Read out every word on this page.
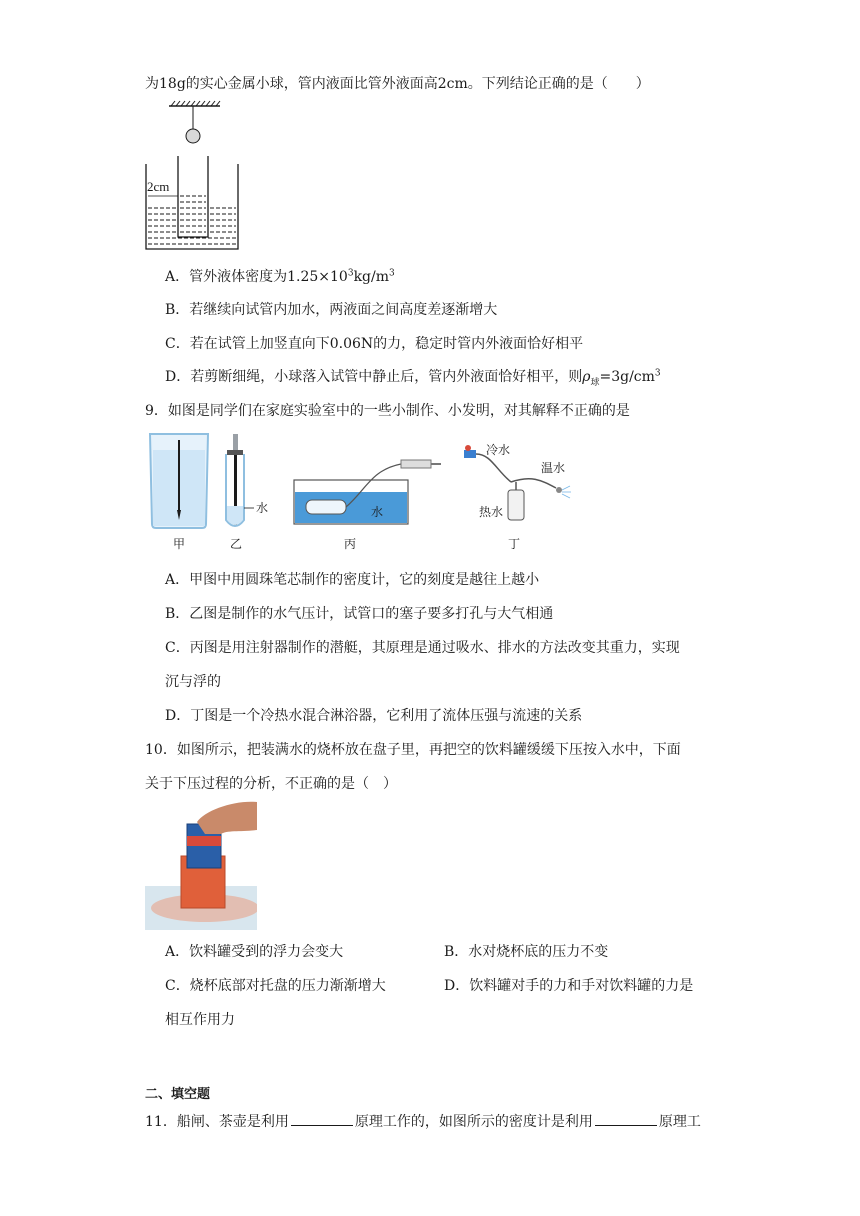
为18g的实心金属小球，管内液面比管外液面高2cm。下列结论正确的是（　　）
2cm
A．管外液体密度为$1.25\times 10^3kg/m^3$
B．若继续向试管内加水，两液面之间高度差逐渐增大
C．若在试管上加竖直向下0.06N的力，稳定时管内外液面恰好相平
D．若剪断细绳，小球落入试管中静止后，管内外液面恰好相平，则$\rho_球=3g/cm^3$
9．如图是同学们在家庭实验室中的一些小制作、小发明，对其解释不正确的是
甲
水
乙
水
丙
冷水
温水
热水
丁
A．甲图中用圆珠笔芯制作的密度计，它的刻度是越往上越小
B．乙图是制作的水气压计，试管口的塞子要多打孔与大气相通
C．丙图是用注射器制作的潜艇，其原理是通过吸水、排水的方法改变其重力，实现
沉与浮的
D．丁图是一个冷热水混合淋浴器，它利用了流体压强与流速的关系
10．如图所示，把装满水的烧杯放在盘子里，再把空的饮料罐缓缓下压按入水中，下面
关于下压过程的分析，不正确的是（　）
A．饮料罐受到的浮力会变大	B．水对烧杯底的压力不变
C．烧杯底部对托盘的压力渐渐增大	D．饮料罐对手的力和手对饮料罐的力是
相互作用力
二、填空题
11．船闸、茶壶是利用	原理工作的，如图所示的密度计是利用	原理工
